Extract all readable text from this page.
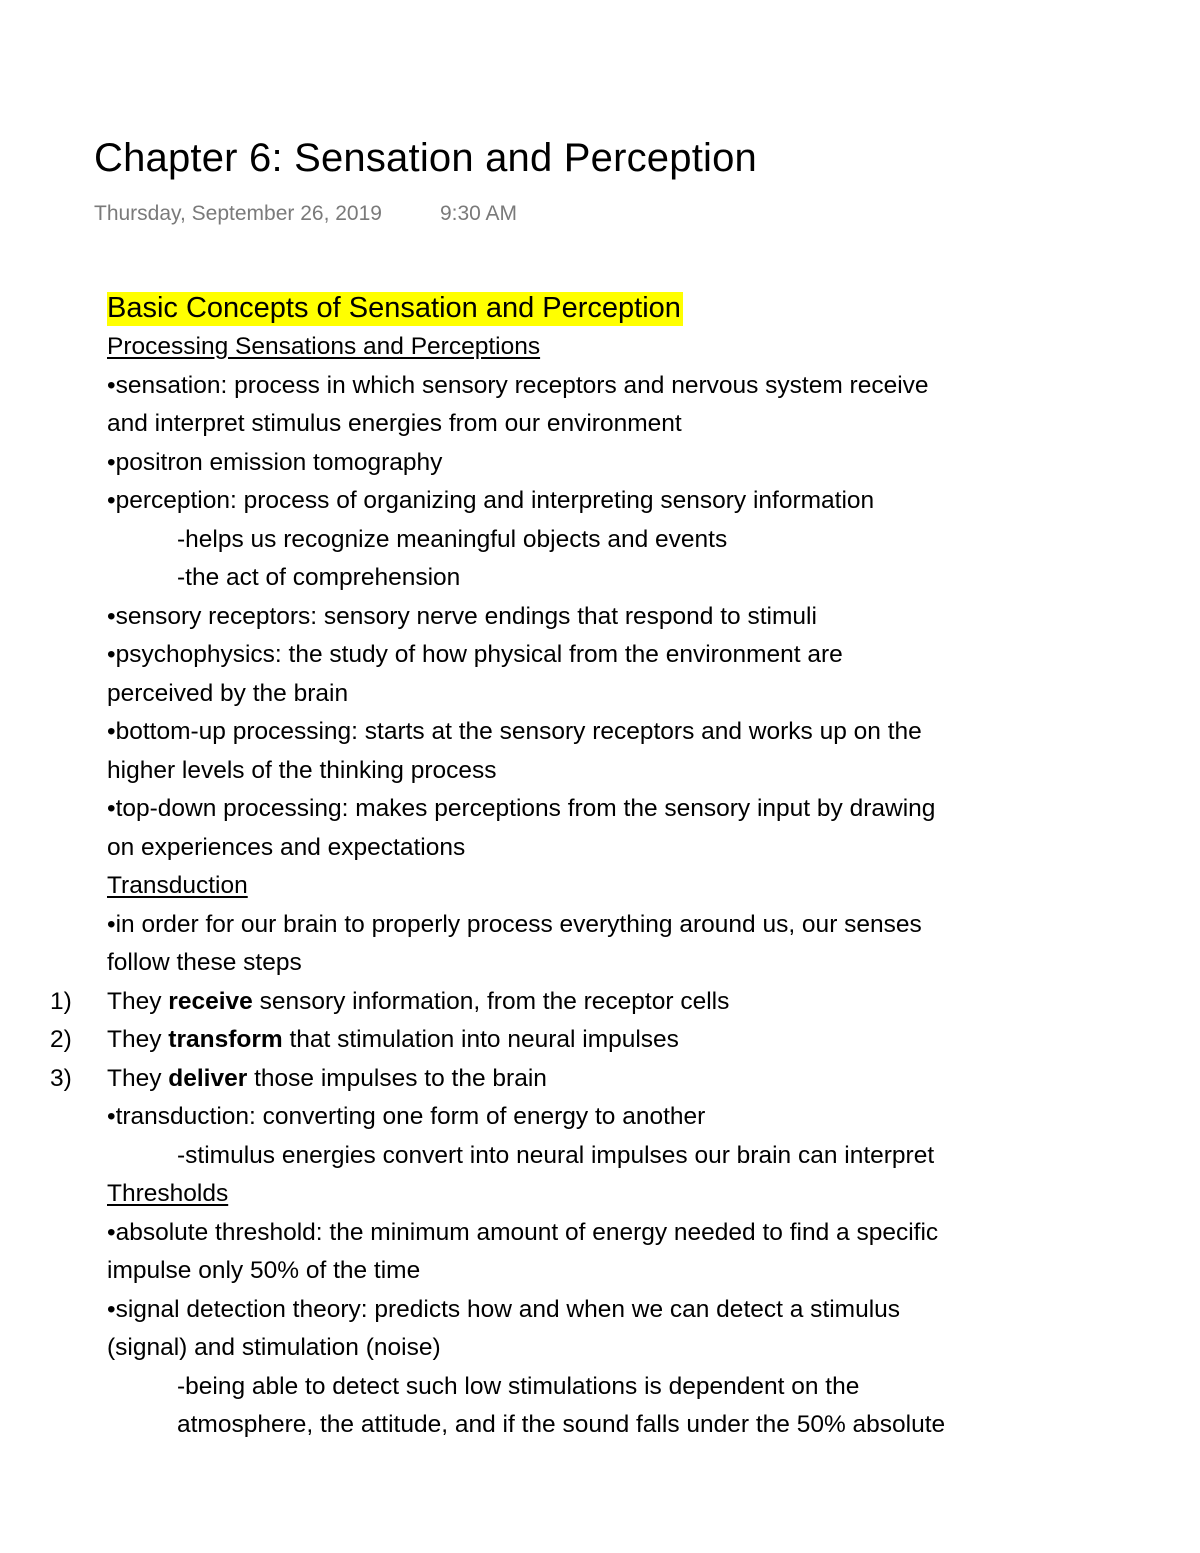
Chapter 6: Sensation and Perception
Thursday, September 26, 2019	9:30 AM
Basic Concepts of Sensation and Perception
Processing Sensations and Perceptions
•sensation: process in which sensory receptors and nervous system receive
and interpret stimulus energies from our environment
•positron emission tomography
•perception: process of organizing and interpreting sensory information
-helps us recognize meaningful objects and events
-the act of comprehension
•sensory receptors: sensory nerve endings that respond to stimuli
•psychophysics: the study of how physical from the environment are
perceived by the brain
•bottom-up processing: starts at the sensory receptors and works up on the
higher levels of the thinking process
•top-down processing: makes perceptions from the sensory input by drawing
on experiences and expectations
Transduction
•in order for our brain to properly process everything around us, our senses
follow these steps
1) They receive sensory information, from the receptor cells
2) They transform that stimulation into neural impulses
3) They deliver those impulses to the brain
•transduction: converting one form of energy to another
-stimulus energies convert into neural impulses our brain can interpret
Thresholds
•absolute threshold: the minimum amount of energy needed to find a specific
impulse only 50% of the time
•signal detection theory: predicts how and when we can detect a stimulus
(signal) and stimulation (noise)
-being able to detect such low stimulations is dependent on the
atmosphere, the attitude, and if the sound falls under the 50% absolute
